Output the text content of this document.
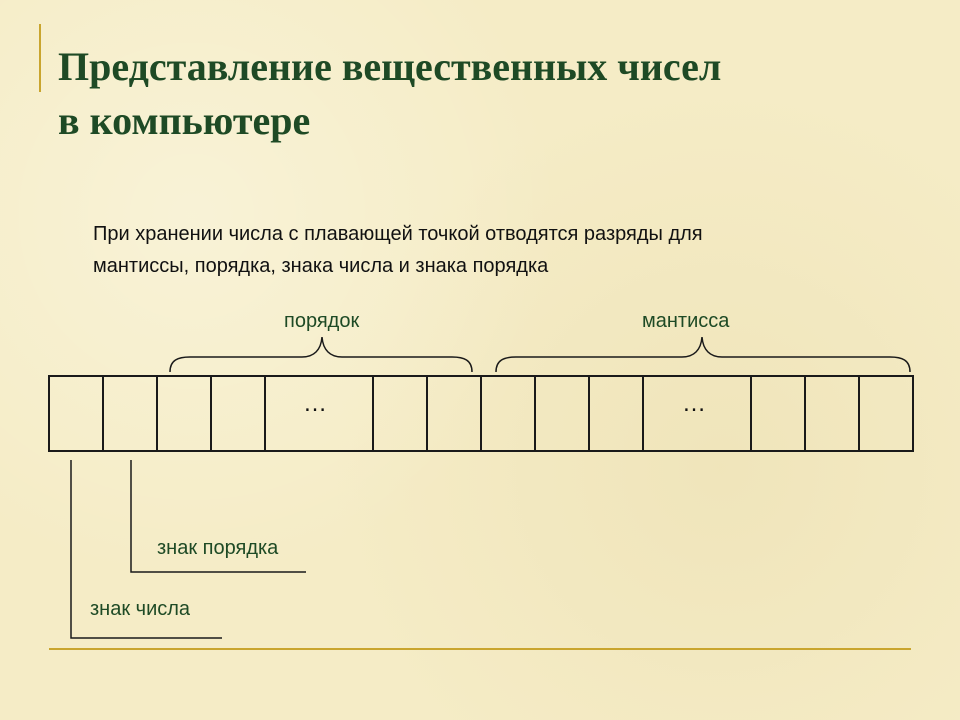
Представление вещественных чисел
в компьютере

При хранении числа с плавающей точкой отводятся разряды для
мантиссы, порядка, знака числа и знака порядка

порядок	мантисса
…	…
знак порядка
знак числа
